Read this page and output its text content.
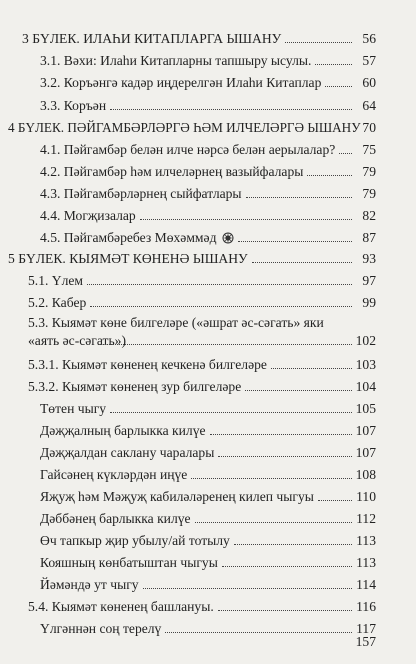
3 БҮЛЕК. ИЛАҺИ КИТАПЛАРГА ЫШАНУ	56
3.1. Вәхи: Илаһи Китапларны тапшыру ысулы.	57
3.2. Коръәнгә кадәр иңдерелгән Илаһи Китаплар	60
3.3. Коръән	64
4 БҮЛЕК. ПӘЙГАМБӘРЛӘРГӘ ҺӘМ ИЛЧЕЛӘРГӘ ЫШАНУ 70
4.1. Пәйгамбәр белән илче нәрсә белән аерылалар?	75
4.2. Пәйгамбәр һәм илчеләрнең вазыйфалары	79
4.3. Пәйгамбәрләрнең сыйфатлары	79
4.4. Могҗизалар	82
4.5. Пәйгамбәребез Мөхәммәд	87
5 БҮЛЕК. КЫЯМӘТ КӨНЕНӘ ЫШАНУ	93
5.1. Үлем	97
5.2. Кабер	99
5.3. Кыямәт көне билгеләре («әшрат әс-сәгать» яки «аять әс-сәгать»)	102
5.3.1. Кыямәт көненең кечкенә билгеләре	103
5.3.2. Кыямәт көненең зур билгеләре	104
Төтен чыгу	105
Дәҗҗалның барлыкка килүе	107
Дәҗҗалдан саклану чаралары	107
Гайсәнең күкләрдән иңүе	108
Яҗуҗ һәм Мәҗуҗ кабиләләренең килеп чыгуы	110
Дәббәнең барлыкка килүе	112
Өч тапкыр җир убылу/ай тотылу	113
Кояшның көнбатыштан чыгуы	113
Йәмәндә ут чыгу	114
5.4. Кыямәт көненең башлануы.	116
Үлгәннән соң терелү	117
157
